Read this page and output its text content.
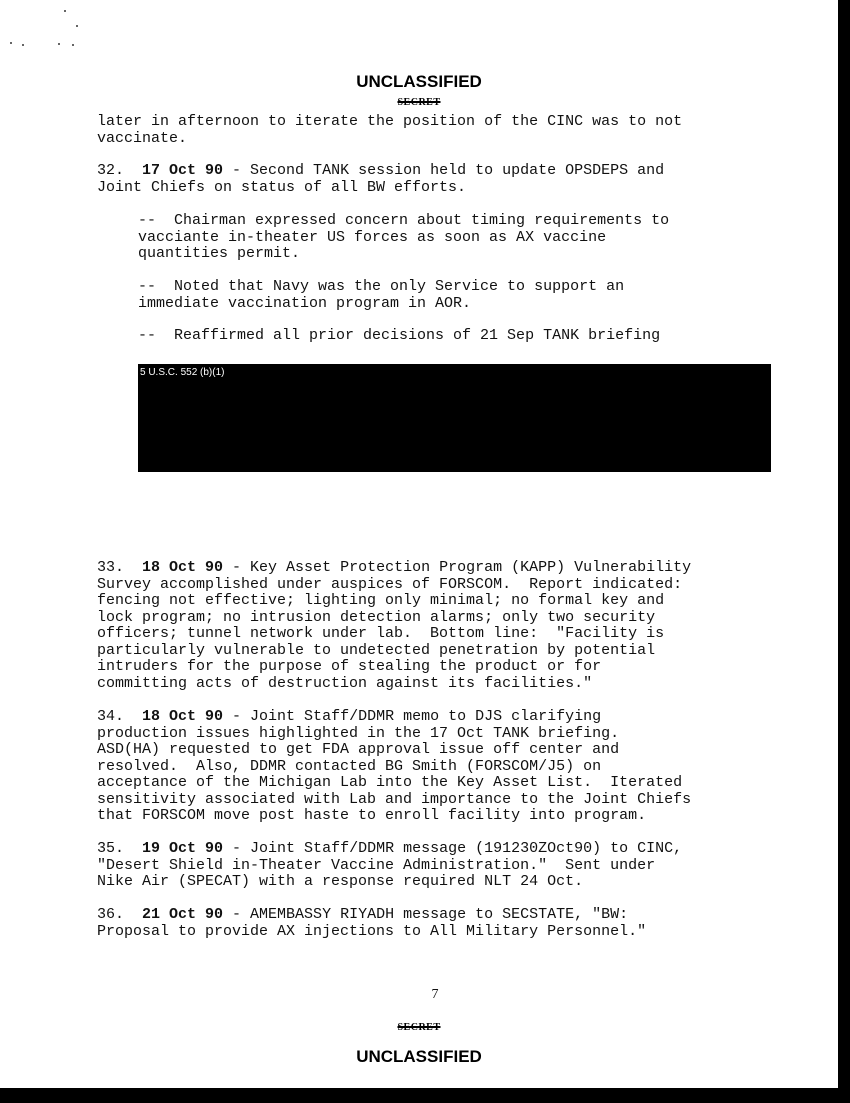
UNCLASSIFIED
SECRET

later in afternoon to iterate the position of the CINC was to not
vaccinate.

32. 17 Oct 90 - Second TANK session held to update OPSDEPS and
Joint Chiefs on status of all BW efforts.

--  Chairman expressed concern about timing requirements to
vacciante in-theater US forces as soon as AX vaccine
quantities permit.

--  Noted that Navy was the only Service to support an
immediate vaccination program in AOR.

--  Reaffirmed all prior decisions of 21 Sep TANK briefing

5 U.S.C. 552 (b)(1)

33. 18 Oct 90 - Key Asset Protection Program (KAPP) Vulnerability
Survey accomplished under auspices of FORSCOM.  Report indicated:
fencing not effective; lighting only minimal; no formal key and
lock program; no intrusion detection alarms; only two security
officers; tunnel network under lab.  Bottom line:  "Facility is
particularly vulnerable to undetected penetration by potential
intruders for the purpose of stealing the product or for
committing acts of destruction against its facilities."

34. 18 Oct 90 - Joint Staff/DDMR memo to DJS clarifying
production issues highlighted in the 17 Oct TANK briefing.
ASD(HA) requested to get FDA approval issue off center and
resolved.  Also, DDMR contacted BG Smith (FORSCOM/J5) on
acceptance of the Michigan Lab into the Key Asset List.  Iterated
sensitivity associated with Lab and importance to the Joint Chiefs
that FORSCOM move post haste to enroll facility into program.

35. 19 Oct 90 - Joint Staff/DDMR message (191230ZOct90) to CINC,
"Desert Shield in-Theater Vaccine Administration."  Sent under
Nike Air (SPECAT) with a response required NLT 24 Oct.

36. 21 Oct 90 - AMEMBASSY RIYADH message to SECSTATE, "BW:
Proposal to provide AX injections to All Military Personnel."

7
SECRET
UNCLASSIFIED
